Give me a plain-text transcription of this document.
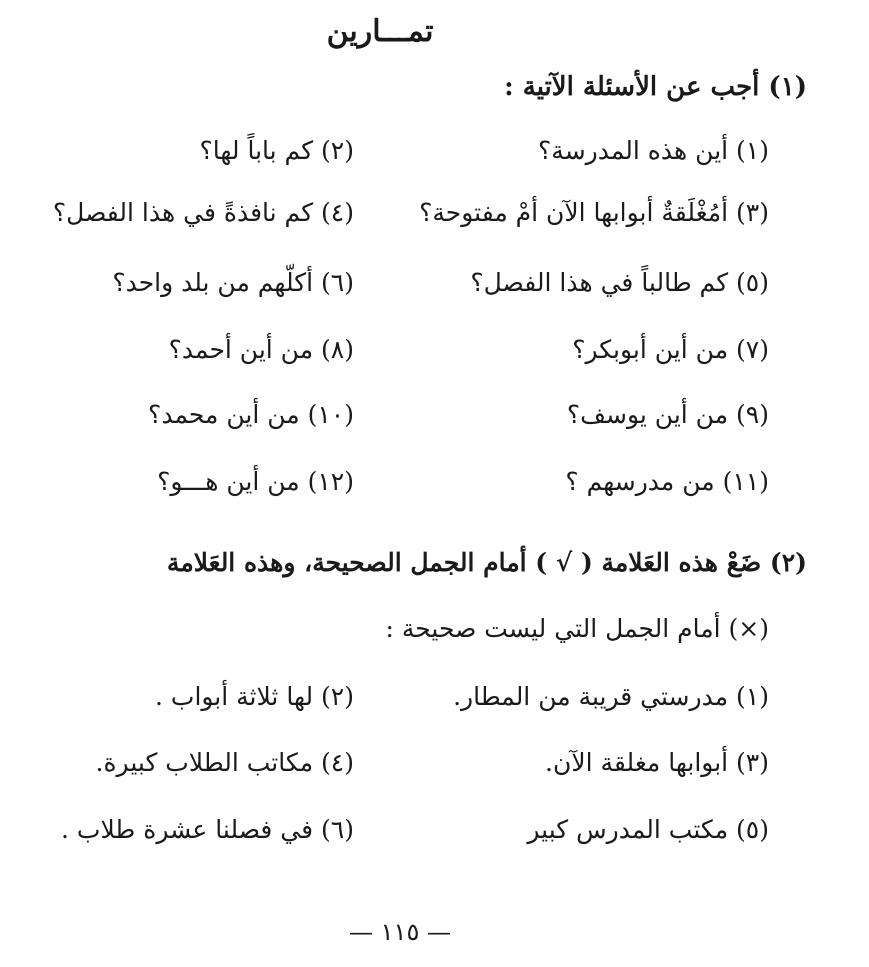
تمـــارين
(١) أجب عن الأسئلة الآتية :
(١) أين هذه المدرسة؟
(٢) كم باباً لها؟
(٣) أمُغْلَقةٌ أبوابها الآن أمْ مفتوحة؟
(٤) كم نافذةً في هذا الفصل؟
(٥) كم طالباً في هذا الفصل؟
(٦) أكلّهم من بلد واحد؟
(٧) من أين أبوبكر؟
(٨) من أين أحمد؟
(٩) من أين يوسف؟
(١٠) من أين محمد؟
(١١) من مدرسهم ؟
(١٢) من أين هـــو؟
(٢) ضَعْ هذه العَلامة ( √ ) أمام الجمل الصحيحة، وهذه العَلامة
(×) أمام الجمل التي ليست صحيحة :
(١) مدرستي قريبة من المطار.
(٢) لها ثلاثة أبواب .
(٣) أبوابها مغلقة الآن.
(٤) مكاتب الطلاب كبيرة.
(٥) مكتب المدرس كبير
(٦) في فصلنا عشرة طلاب .
— ١١٥ —
